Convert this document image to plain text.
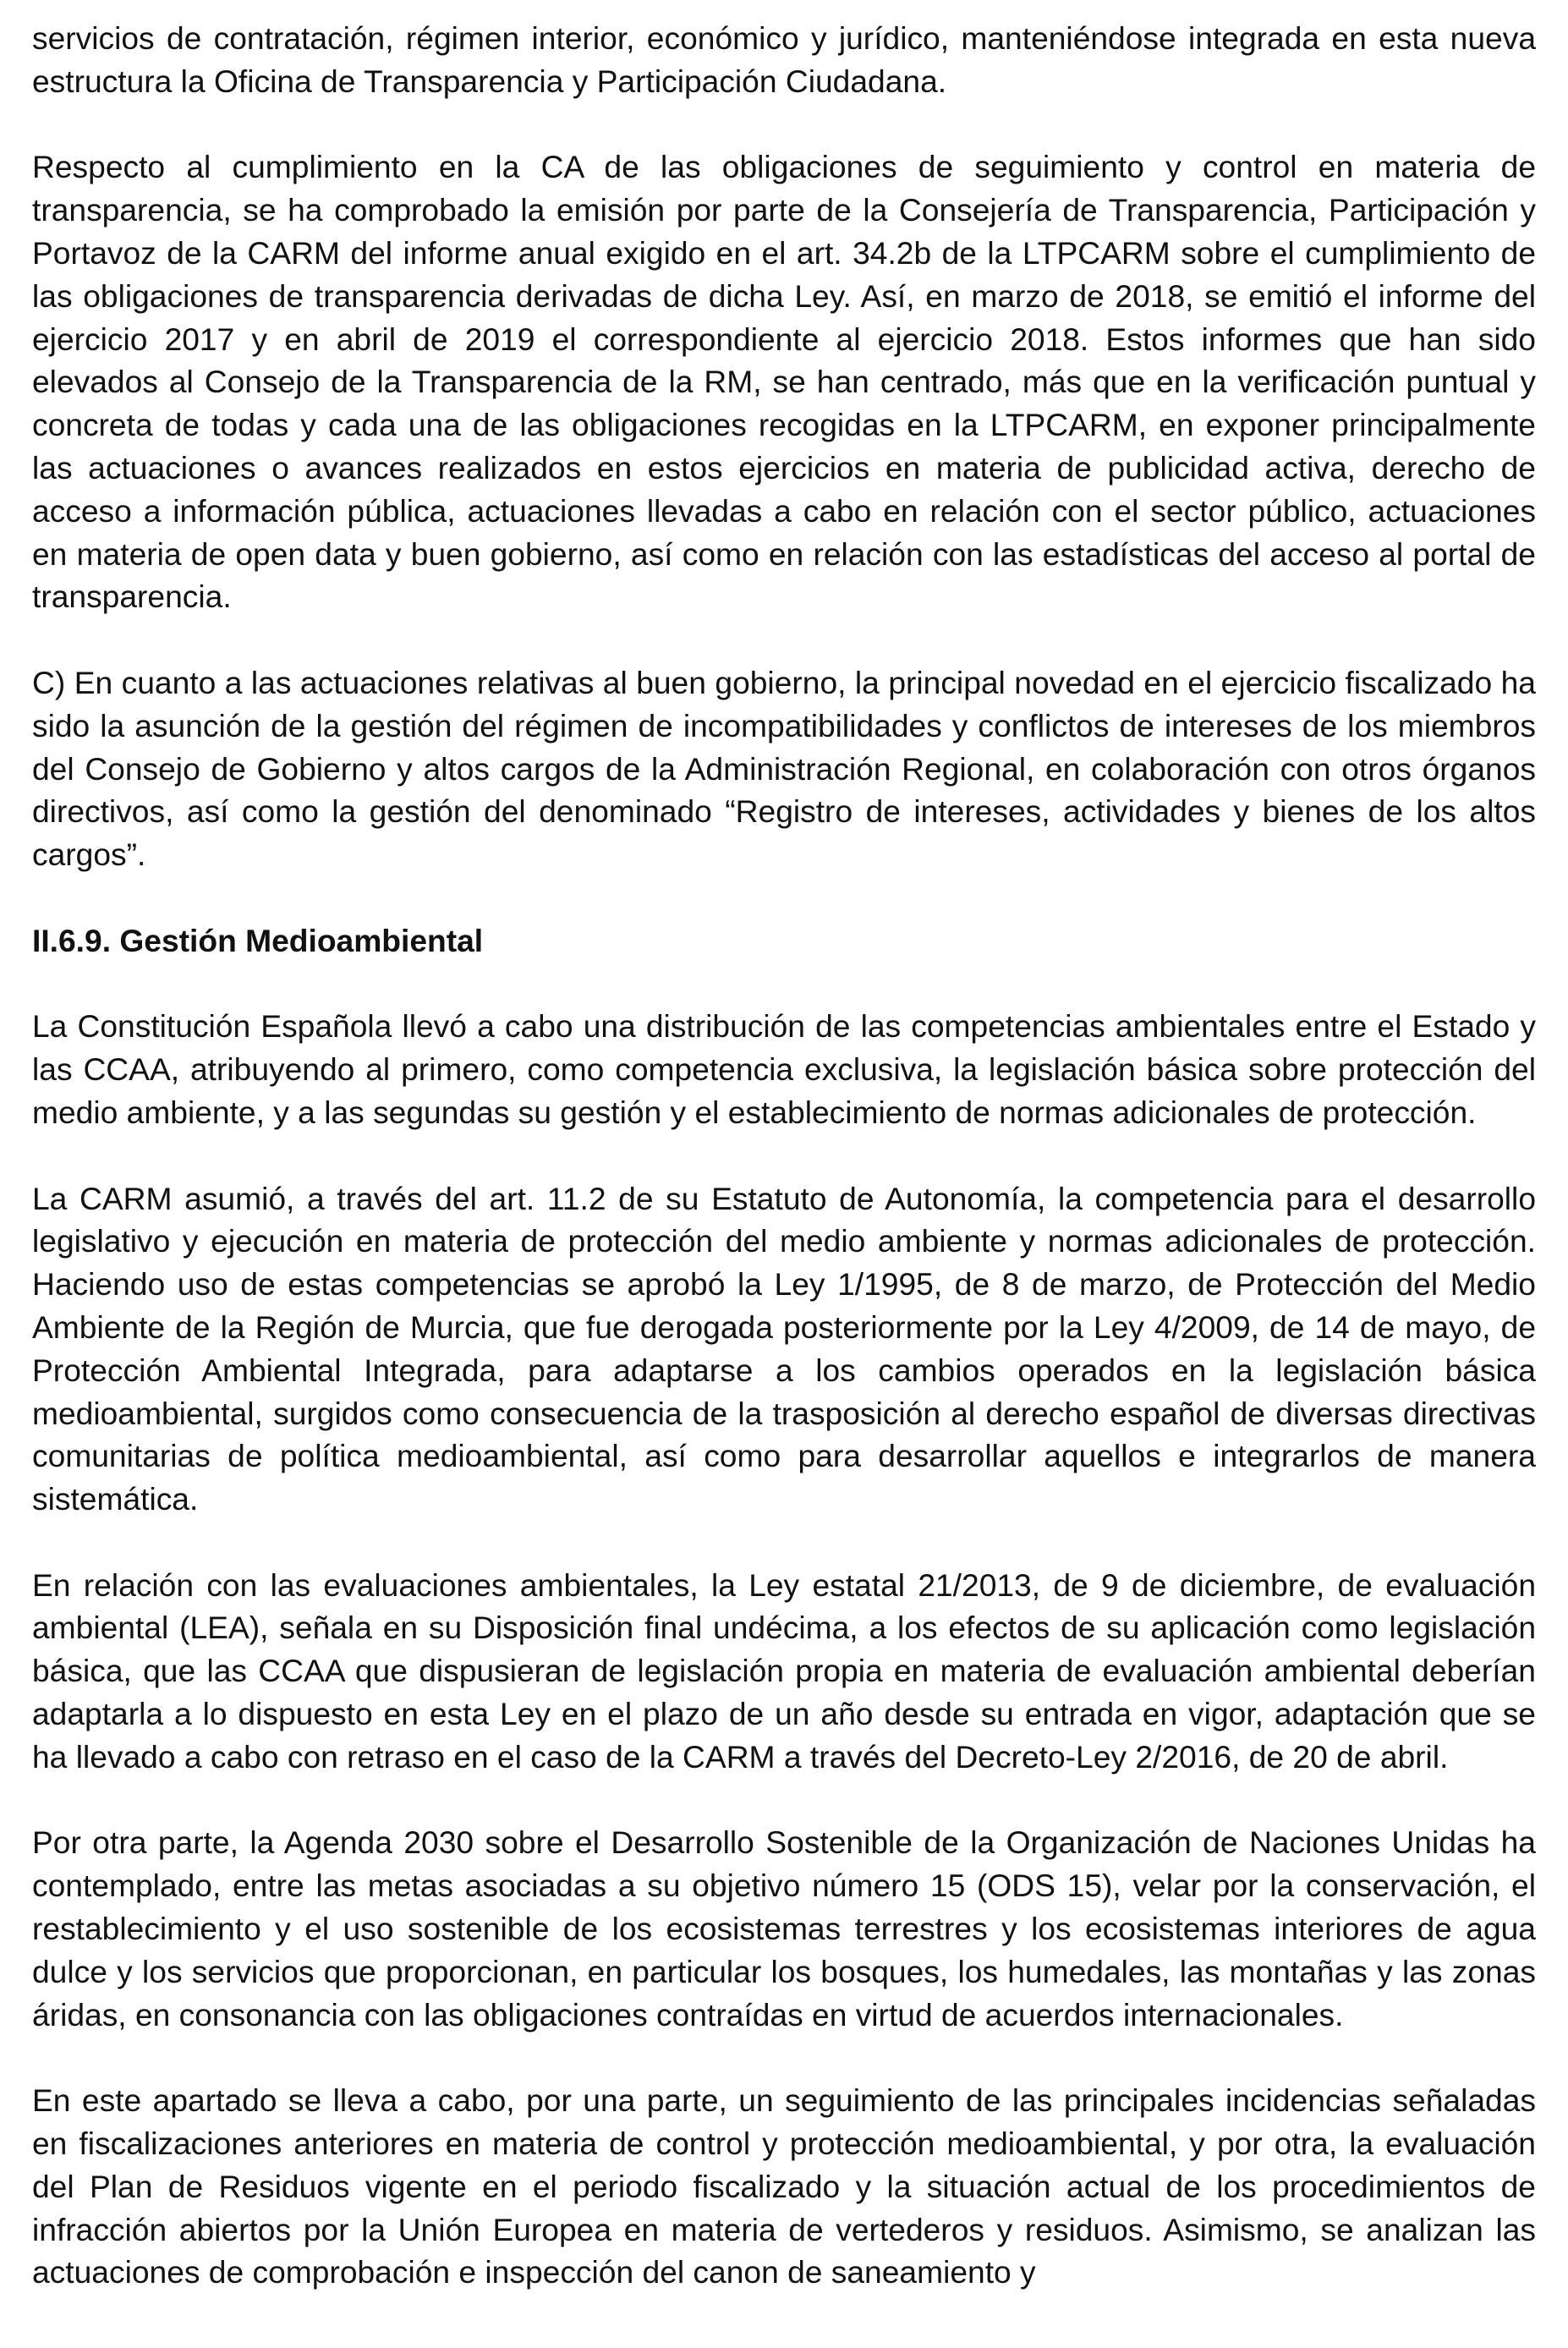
servicios de contratación, régimen interior, económico y jurídico, manteniéndose integrada en esta nueva estructura la Oficina de Transparencia y Participación Ciudadana.

Respecto al cumplimiento en la CA de las obligaciones de seguimiento y control en materia de transparencia, se ha comprobado la emisión por parte de la Consejería de Transparencia, Participación y Portavoz de la CARM del informe anual exigido en el art. 34.2b de la LTPCARM sobre el cumplimiento de las obligaciones de transparencia derivadas de dicha Ley. Así, en marzo de 2018, se emitió el informe del ejercicio 2017 y en abril de 2019 el correspondiente al ejercicio 2018. Estos informes que han sido elevados al Consejo de la Transparencia de la RM, se han centrado, más que en la verificación puntual y concreta de todas y cada una de las obligaciones recogidas en la LTPCARM, en exponer principalmente las actuaciones o avances realizados en estos ejercicios en materia de publicidad activa, derecho de acceso a información pública, actuaciones llevadas a cabo en relación con el sector público, actuaciones en materia de open data y buen gobierno, así como en relación con las estadísticas del acceso al portal de transparencia.

C) En cuanto a las actuaciones relativas al buen gobierno, la principal novedad en el ejercicio fiscalizado ha sido la asunción de la gestión del régimen de incompatibilidades y conflictos de intereses de los miembros del Consejo de Gobierno y altos cargos de la Administración Regional, en colaboración con otros órganos directivos, así como la gestión del denominado “Registro de intereses, actividades y bienes de los altos cargos”.

II.6.9. Gestión Medioambiental

La Constitución Española llevó a cabo una distribución de las competencias ambientales entre el Estado y las CCAA, atribuyendo al primero, como competencia exclusiva, la legislación básica sobre protección del medio ambiente, y a las segundas su gestión y el establecimiento de normas adicionales de protección.

La CARM asumió, a través del art. 11.2 de su Estatuto de Autonomía, la competencia para el desarrollo legislativo y ejecución en materia de protección del medio ambiente y normas adicionales de protección. Haciendo uso de estas competencias se aprobó la Ley 1/1995, de 8 de marzo, de Protección del Medio Ambiente de la Región de Murcia, que fue derogada posteriormente por la Ley 4/2009, de 14 de mayo, de Protección Ambiental Integrada, para adaptarse a los cambios operados en la legislación básica medioambiental, surgidos como consecuencia de la trasposición al derecho español de diversas directivas comunitarias de política medioambiental, así como para desarrollar aquellos e integrarlos de manera sistemática.

En relación con las evaluaciones ambientales, la Ley estatal 21/2013, de 9 de diciembre, de evaluación ambiental (LEA), señala en su Disposición final undécima, a los efectos de su aplicación como legislación básica, que las CCAA que dispusieran de legislación propia en materia de evaluación ambiental deberían adaptarla a lo dispuesto en esta Ley en el plazo de un año desde su entrada en vigor, adaptación que se ha llevado a cabo con retraso en el caso de la CARM a través del Decreto-Ley 2/2016, de 20 de abril.

Por otra parte, la Agenda 2030 sobre el Desarrollo Sostenible de la Organización de Naciones Unidas ha contemplado, entre las metas asociadas a su objetivo número 15 (ODS 15), velar por la conservación, el restablecimiento y el uso sostenible de los ecosistemas terrestres y los ecosistemas interiores de agua dulce y los servicios que proporcionan, en particular los bosques, los humedales, las montañas y las zonas áridas, en consonancia con las obligaciones contraídas en virtud de acuerdos internacionales.

En este apartado se lleva a cabo, por una parte, un seguimiento de las principales incidencias señaladas en fiscalizaciones anteriores en materia de control y protección medioambiental, y por otra, la evaluación del Plan de Residuos vigente en el periodo fiscalizado y la situación actual de los procedimientos de infracción abiertos por la Unión Europea en materia de vertederos y residuos. Asimismo, se analizan las actuaciones de comprobación e inspección del canon de saneamiento y
